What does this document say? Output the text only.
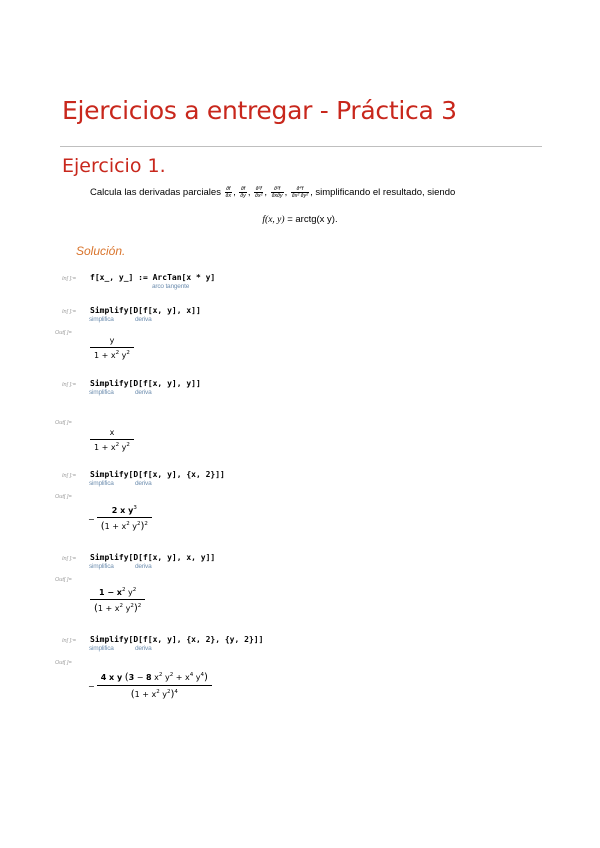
Ejercicios a entregar - Práctica 3
Ejercicio 1.
Calcula las derivadas parciales $\frac{\partial f}{\partial x}$ , $\frac{\partial f}{\partial y}$ , $\frac{\text{∂²f}}{\text{∂x²}}$ , $\frac{\text{∂²f}}{\partial x\partial y}$ , $\frac{\text{∂⁴f}}{\text{∂x² ∂y²}}$ , simplificando el resultado, siendo
f(x, y) = arctg(x y).
Solución.
In[ ]:= f[x_, y_] := ArcTan[x * y]
arco tangente
In[ ]:= Simplify[D[f[x, y], x]]
simplifica	deriva
Out[ ]=
$\frac{y}{1 + x^2 y^2}$
In[ ]:= Simplify[D[f[x, y], y]]
simplifica	deriva
Out[ ]=
$\frac{x}{1 + x^2 y^2}$
In[ ]:= Simplify[D[f[x, y], {x, 2}]]
simplifica	deriva
Out[ ]=
− $\frac{2 x y^3}{(1 + x^2 y^2)^2}$
In[ ]:= Simplify[D[f[x, y], x, y]]
simplifica	deriva
Out[ ]=
$\frac{1 - x^2 y^2}{(1 + x^2 y^2)^2}$
In[ ]:= Simplify[D[f[x, y], {x, 2}, {y, 2}]]
simplifica	deriva
Out[ ]=
− $\frac{4 x y (3 - 8 x^2 y^2 + x^4 y^4)}{(1 + x^2 y^2)^4}$
